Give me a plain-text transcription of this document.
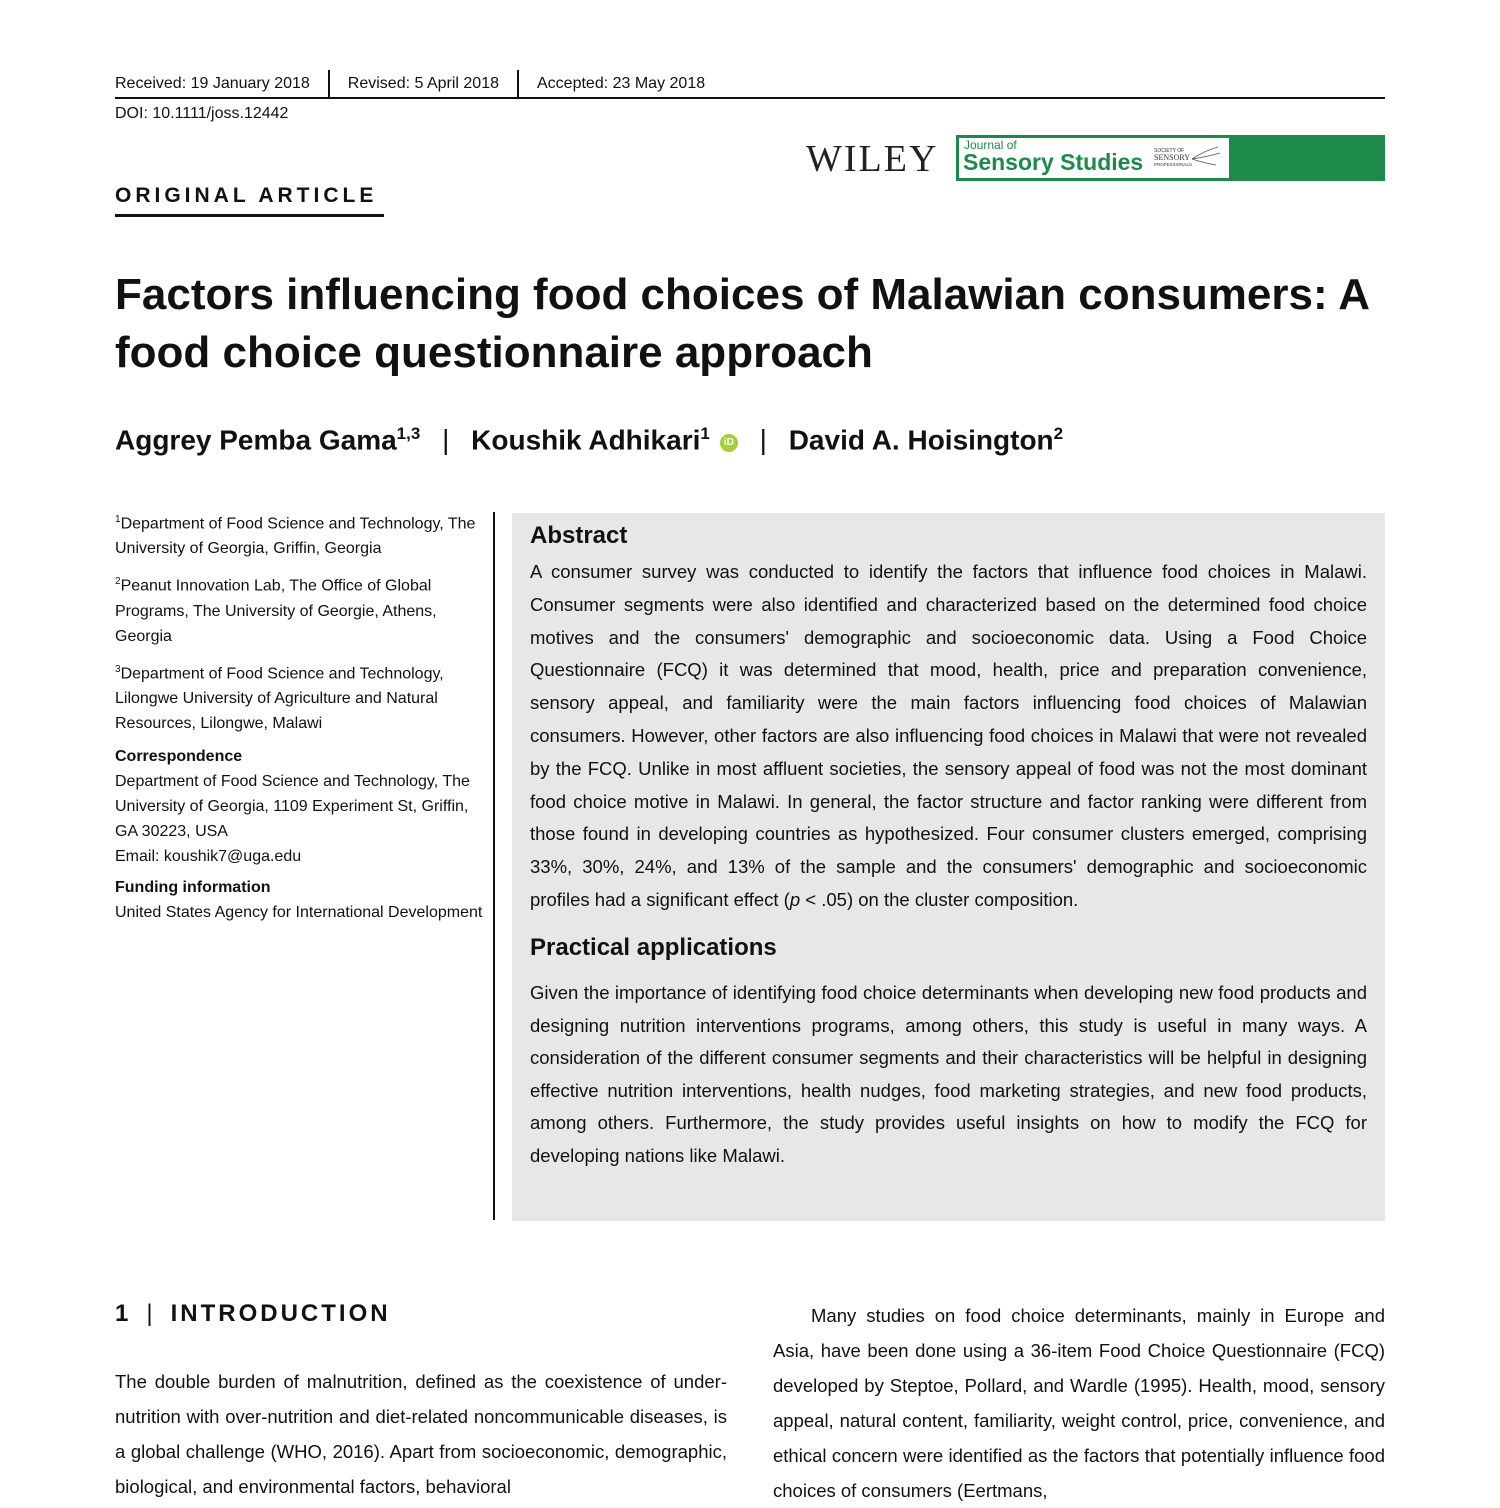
Received: 19 January 2018 Revised: 5 April 2018 Accepted: 23 May 2018
DOI: 10.1111/joss.12442
WILEY Journal of
Sensory Studies SOCIETY OF
SENSORY
PROFESSIONALS
ORIGINAL ARTICLE
Factors influencing food choices of Malawian consumers: A food choice questionnaire approach
Aggrey Pemba Gama$^{1,3}$ | Koushik Adhikari$^1$ iD | David A. Hoisington$^2$

$^1$Department of Food Science and Technology, The University of Georgia, Griffin, Georgia

$^2$Peanut Innovation Lab, The Office of Global Programs, The University of Georgie, Athens, Georgia

$^3$Department of Food Science and Technology, Lilongwe University of Agriculture and Natural Resources, Lilongwe, Malawi

Correspondence
Department of Food Science and Technology, The University of Georgia, 1109 Experiment St, Griffin, GA 30223, USA
Email: koushik7@uga.edu

Funding information
United States Agency for International Development

Abstract
A consumer survey was conducted to identify the factors that influence food choices in Malawi. Consumer segments were also identified and characterized based on the determined food choice motives and the consumers' demographic and socioeconomic data. Using a Food Choice Questionnaire (FCQ) it was determined that mood, health, price and preparation convenience, sensory appeal, and familiarity were the main factors influencing food choices of Malawian consumers. However, other factors are also influencing food choices in Malawi that were not revealed by the FCQ. Unlike in most affluent societies, the sensory appeal of food was not the most dominant food choice motive in Malawi. In general, the factor structure and factor ranking were different from those found in developing countries as hypothesized. Four consumer clusters emerged, comprising 33%, 30%, 24%, and 13% of the sample and the consumers' demographic and socioeconomic profiles had a significant effect (p < .05) on the cluster composition.
Practical applications
Given the importance of identifying food choice determinants when developing new food products and designing nutrition interventions programs, among others, this study is useful in many ways. A consideration of the different consumer segments and their characteristics will be helpful in designing effective nutrition interventions, health nudges, food marketing strategies, and new food products, among others. Furthermore, the study provides useful insights on how to modify the FCQ for developing nations like Malawi.
1 | INTRODUCTION
The double burden of malnutrition, defined as the coexistence of under-nutrition with over-nutrition and diet-related noncommunicable diseases, is a global challenge (WHO, 2016). Apart from socioeconomic, demographic, biological, and environmental factors, behavioral
Many studies on food choice determinants, mainly in Europe and Asia, have been done using a 36-item Food Choice Questionnaire (FCQ) developed by Steptoe, Pollard, and Wardle (1995). Health, mood, sensory appeal, natural content, familiarity, weight control, price, convenience, and ethical concern were identified as the factors that potentially influence food choices of consumers (Eertmans,
